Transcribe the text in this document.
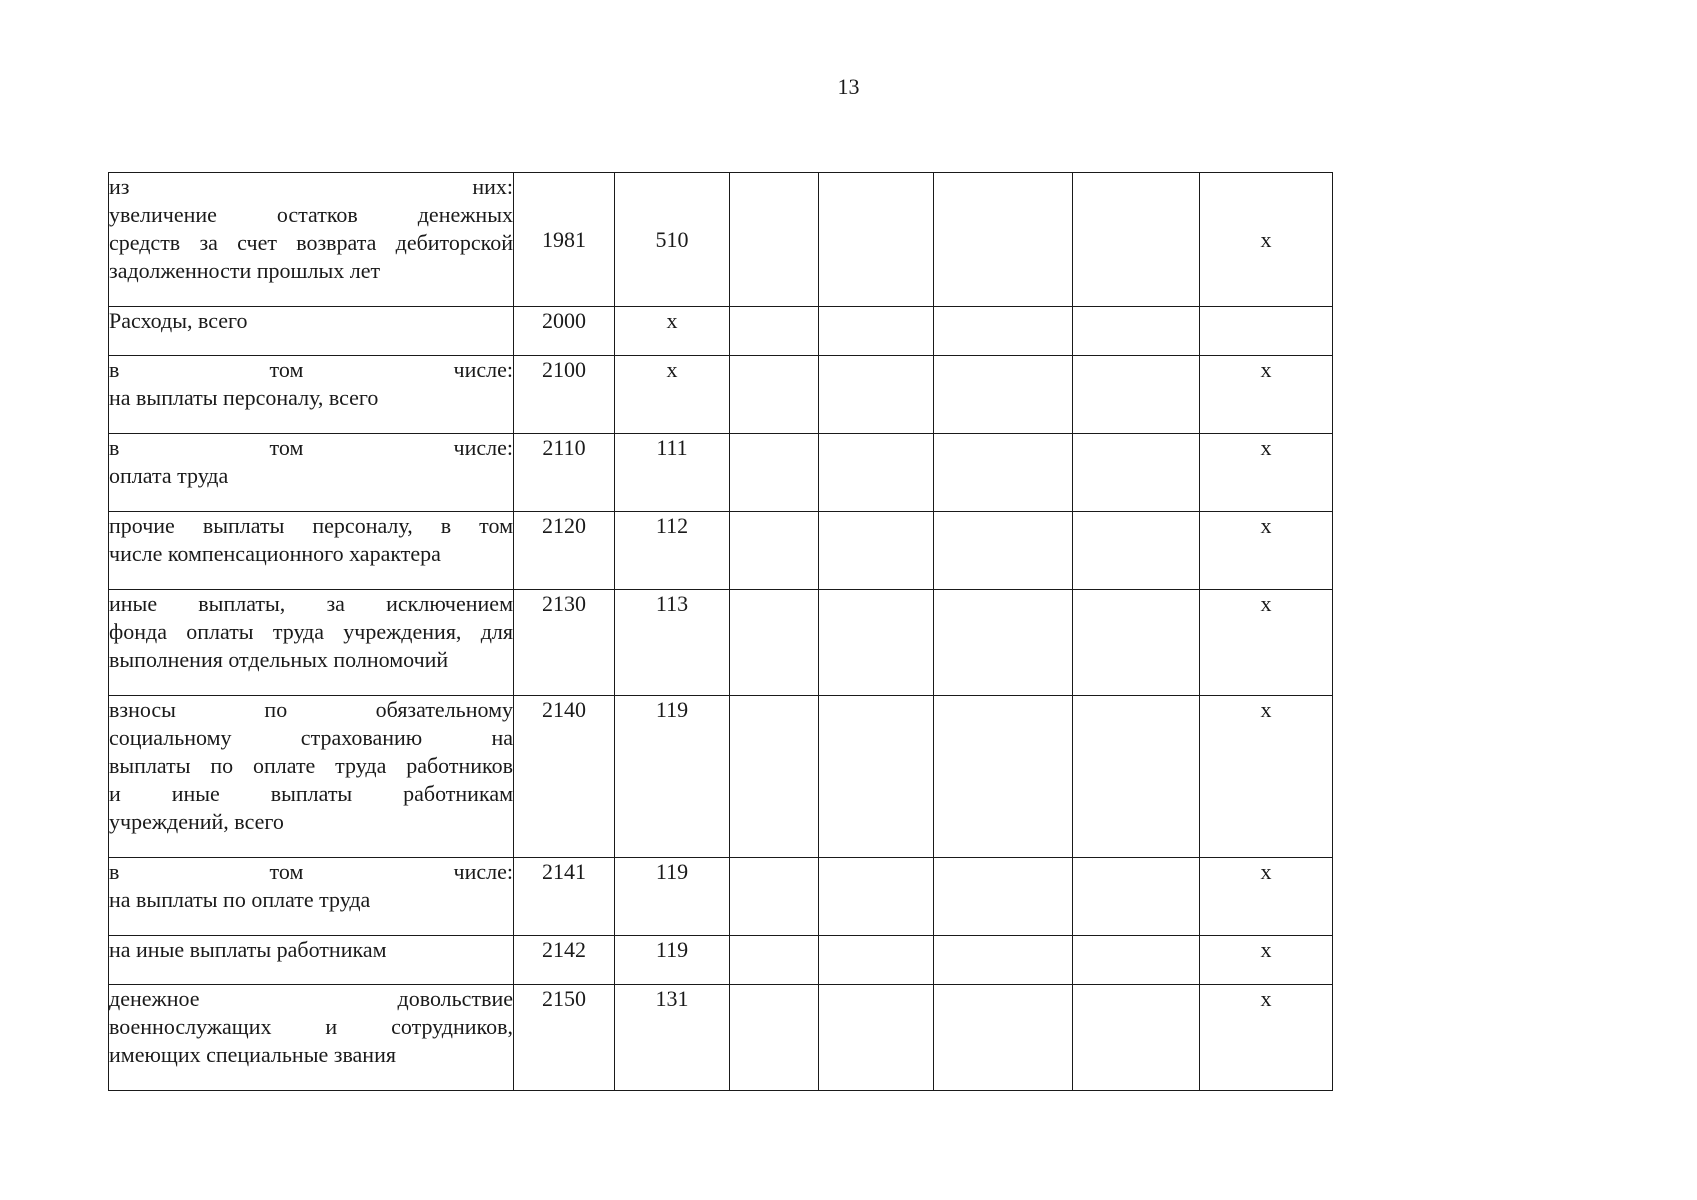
13
из них:
увеличение остатков денежных
средств за счет возврата дебиторской
задолженности прошлых лет	1981	510					х

Расходы, всего	2000	х					

в том числе:
на выплаты персоналу, всего	2100	х					х

в том числе:
оплата труда	2110	111					х

прочие выплаты персоналу, в том
числе компенсационного характера	2120	112					х

иные выплаты, за исключением
фонда оплаты труда учреждения, для
выполнения отдельных полномочий	2130	113					х

взносы по обязательному
социальному страхованию на
выплаты по оплате труда работников
и иные выплаты работникам
учреждений, всего	2140	119					х

в том числе:
на выплаты по оплате труда	2141	119					х

на иные выплаты работникам	2142	119					х

денежное довольствие
военнослужащих и сотрудников,
имеющих специальные звания	2150	131					х
